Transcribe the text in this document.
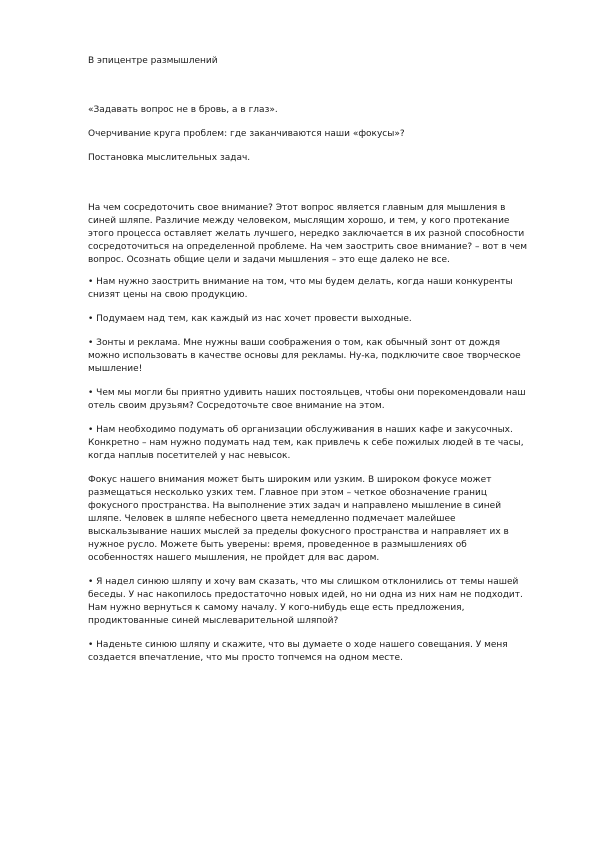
В эпицентре размышлений

«Задавать вопрос не в бровь, а в глаз».

Очерчивание круга проблем: где заканчиваются наши «фокусы»?

Постановка мыслительных задач.

На чем сосредоточить свое внимание? Этот вопрос является главным для мышления в синей шляпе. Различие между человеком, мыслящим хорошо, и тем, у кого протекание этого процесса оставляет желать лучшего, нередко заключается в их разной способности сосредоточиться на определенной проблеме. На чем заострить свое внимание? – вот в чем вопрос. Осознать общие цели и задачи мышления – это еще далеко не все.

• Нам нужно заострить внимание на том, что мы будем делать, когда наши конкуренты снизят цены на свою продукцию.

• Подумаем над тем, как каждый из нас хочет провести выходные.

• Зонты и реклама. Мне нужны ваши соображения о том, как обычный зонт от дождя можно использовать в качестве основы для рекламы. Ну-ка, подключите свое творческое мышление!

• Чем мы могли бы приятно удивить наших постояльцев, чтобы они порекомендовали наш отель своим друзьям? Сосредоточьте свое внимание на этом.

• Нам необходимо подумать об организации обслуживания в наших кафе и закусочных. Конкретно – нам нужно подумать над тем, как привлечь к себе пожилых людей в те часы, когда наплыв посетителей у нас невысок.

Фокус нашего внимания может быть широким или узким. В широком фокусе может размещаться несколько узких тем. Главное при этом – четкое обозначение границ фокусного пространства. На выполнение этих задач и направлено мышление в синей шляпе. Человек в шляпе небесного цвета немедленно подмечает малейшее выскальзывание наших мыслей за пределы фокусного пространства и направляет их в нужное русло. Можете быть уверены: время, проведенное в размышлениях об особенностях нашего мышления, не пройдет для вас даром.

• Я надел синюю шляпу и хочу вам сказать, что мы слишком отклонились от темы нашей беседы. У нас накопилось предостаточно новых идей, но ни одна из них нам не подходит. Нам нужно вернуться к самому началу. У кого-нибудь еще есть предложения, продиктованные синей мыслеварительной шляпой?

• Наденьте синюю шляпу и скажите, что вы думаете о ходе нашего совещания. У меня создается впечатление, что мы просто топчемся на одном месте.
